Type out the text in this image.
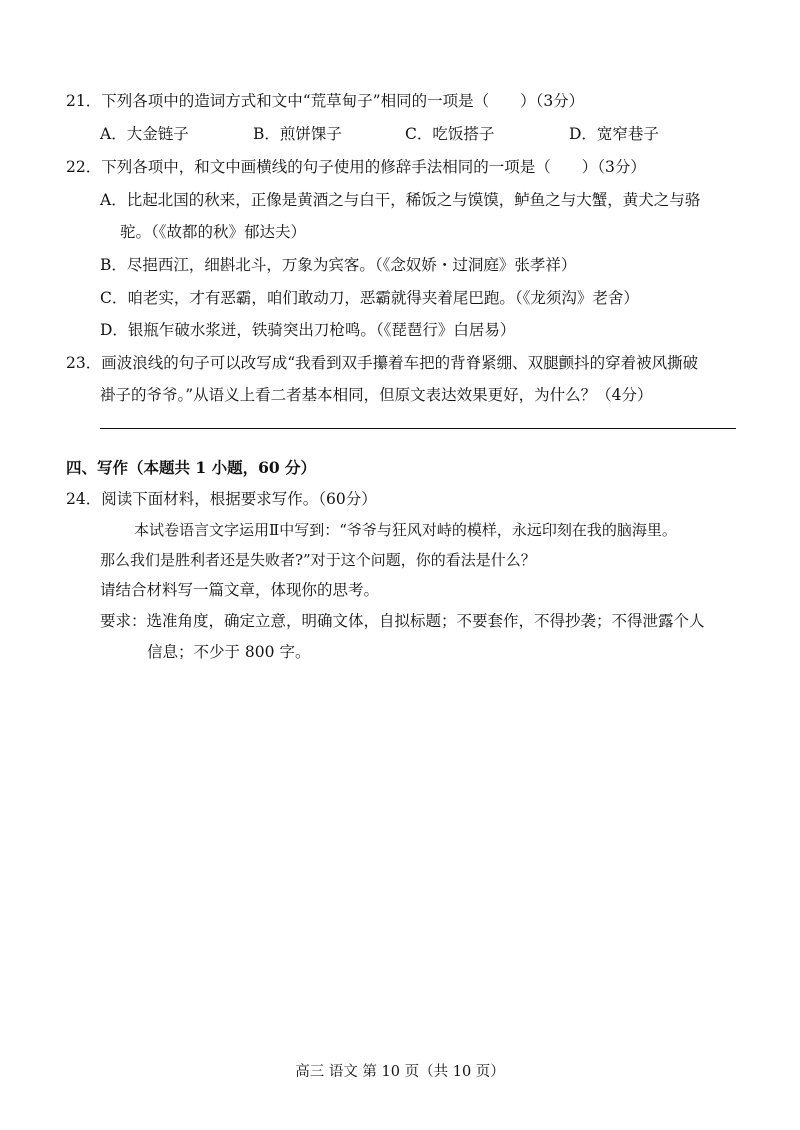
21．下列各项中的造词方式和文中“荒草甸子”相同的一项是（　　）（3分）
A．大金链子	B．煎饼馃子	C．吃饭搭子	D．宽窄巷子
22．下列各项中，和文中画横线的句子使用的修辞手法相同的一项是（　　）（3分）
A．比起北国的秋来，正像是黄酒之与白干，稀饭之与馍馍，鲈鱼之与大蟹，黄犬之与骆
驼。（《故都的秋》郁达夫）
B．尽挹西江，细斟北斗，万象为宾客。（《念奴娇・过洞庭》张孝祥）
C．咱老实，才有恶霸，咱们敢动刀，恶霸就得夹着尾巴跑。（《龙须沟》老舍）
D．银瓶乍破水浆迸，铁骑突出刀枪鸣。（《琵琶行》白居易）
23．画波浪线的句子可以改写成“我看到双手攥着车把的背脊紧绷、双腿颤抖的穿着被风撕破
褂子的爷爷。”从语义上看二者基本相同，但原文表达效果更好，为什么？（4分）
四、写作（本题共 1 小题，60 分）
24．阅读下面材料，根据要求写作。（60分）
本试卷语言文字运用Ⅱ中写到：“爷爷与狂风对峙的模样，永远印刻在我的脑海里。
那么我们是胜利者还是失败者?”对于这个问题，你的看法是什么？
请结合材料写一篇文章，体现你的思考。
要求：选准角度，确定立意，明确文体，自拟标题；不要套作，不得抄袭；不得泄露个人
信息；不少于 800 字。
高三 语文 第 10 页（共 10 页）
